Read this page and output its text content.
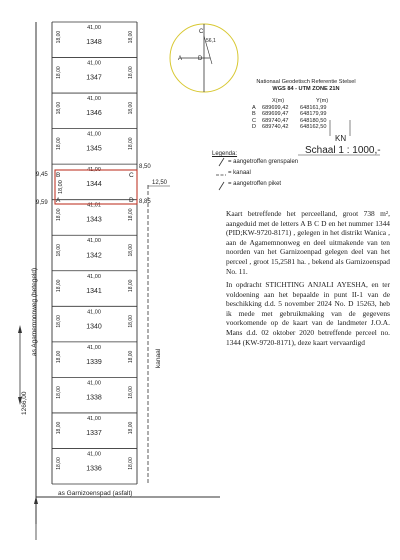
1266,00
as Agamemnonweg (betegeld)
kanaal
41,00
1348
18,00	18,00
41,00
1347
18,00	18,00
41,00
1346
18,00	18,00
41,00
1345
18,00	18,00
41,00
1344
41,01
1343
18,00	18,00
41,00
1342
18,00	18,00
41,00
1341
18,00	18,00
41,00
1340
18,00	18,00
41,00
1339
18,00	18,00
41,00
1338
18,00	18,00
41,00
1337
18,00	18,00
41,00
1336
18,00	18,00
B	C
A	D
18,00
9,45
9,59
8,50
8,85
12,50
as Garnizoenspad (asfalt)
C
A	D
56,1
Nationaal Geodetisch Referentie Stelsel
WGS 84 - UTM ZONE 21N
X(m)	Y(m)
A	689699,42	648161,99
B	689699,47	648179,99
C	689740,47	648180,50
D	689740,42	648162,50
KN
Schaal 1 : 1000,-
Legenda:
= aangetroffen grenspalen
= kanaal
= aangetroffen piket
Kaart betreffende het perceelland, groot 738 m², aangeduid met de letters A B C D en het nummer 1344 (PID;KW-9720-8171) , gelegen in het distrikt Wanica , aan de Agamemnonweg en deel uitmakende van ten noorden van het Garnizoenpad gelegen deel van het perceel , groot 15,2581 ha. , bekend als Garnizoenspad No. 11.
In opdracht STICHTING ANJALI AYESHA, en ter voldoening aan het bepaalde in punt II-1 van de beschikking d.d. 5 november 2024 No. D 15263, heb ik mede met gebruikmaking van de gegevens voorkomende op de kaart van de landmeter J.O.A. Mans d.d. 02 oktober 2020 betreffende perceel no. 1344 (KW-9720-8171), deze kaart vervaardigd
